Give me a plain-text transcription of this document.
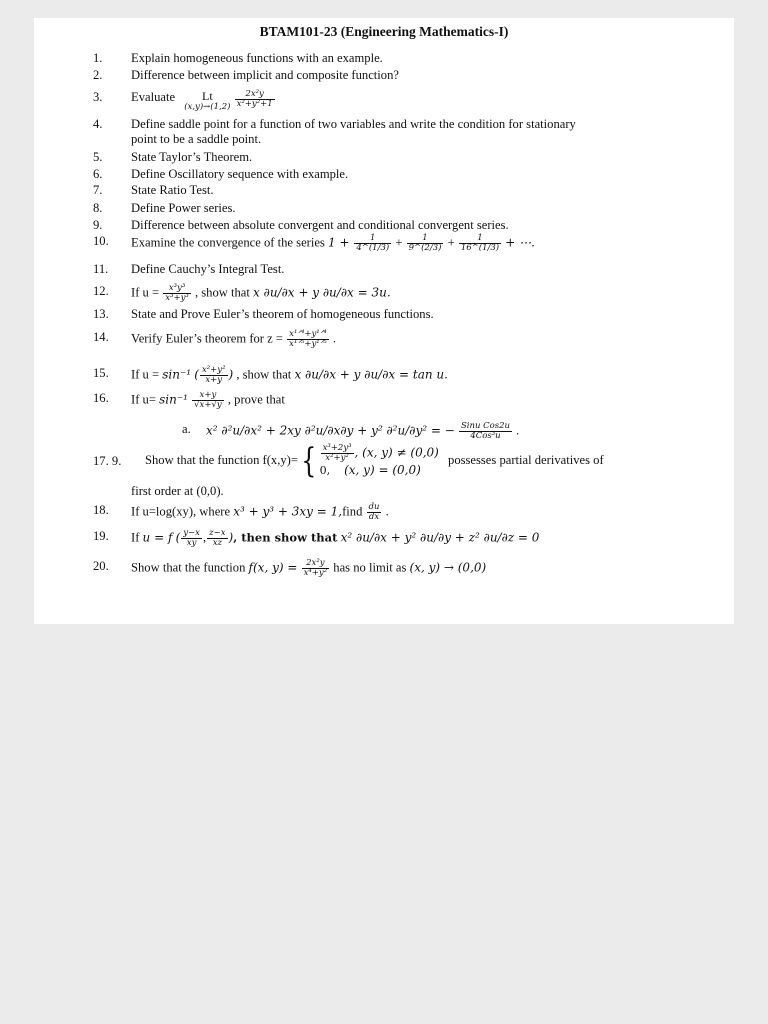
BTAM101-23 (Engineering Mathematics-I)
1.	Explain homogeneous functions with an example.
2.	Difference between implicit and composite function?
3.	Evaluate Lt
(x,y)→(1,2)
$\frac{\text{2x²y}}{\text{x²+y²+1}}$
4.	Define saddle point for a function of two variables and write the condition for stationary
point to be a saddle point.
5.	State Taylor’s Theorem.
6.	Define Oscillatory sequence with example.
7.	State Ratio Test.
8.	Define Power series.
9.	Difference between absolute convergent and conditional convergent series.
10.	Examine the convergence of the series $1 + \frac{1}{4\^{}(1/3)} + \frac{1}{9\^{}(2/3)} + \frac{1}{16\^{}(1/3)}$ + ⋯.
11.	Define Cauchy’s Integral Test.
12.	If $u = \frac{\text{x³y³}}{\text{x³+y³}}$ , show that x ∂u/∂x + y ∂u/∂x = 3u.
13.	State and Prove Euler’s theorem of homogeneous functions.
14.	Verify Euler’s theorem for $z = \frac{\text{x¹ᐟ⁴+y¹ᐟ⁴}}{\text{x¹ᐟ⁵+y¹ᐟ⁵}}$ .
15.	If u = sin⁻¹ ( $\frac{\text{x²+y²}}{x+y}$ ) , show that x ∂u/∂x + y ∂u/∂x = tan u.
16.	If $u= \sin^{-1} \frac{x+y}{√x+√y}$ , prove that
a.	x² ∂²u/∂x² + 2xy ∂²u/∂x∂y + y² ∂²u/∂y² = − $\frac{\text{Sinu Cos2u}}{\text{4Cos³u}}$ .
17. 9.	Show that the function $f(x,y)=\{ \frac{\text{x³+2y³}}{\text{x²+y²}}$ , (x, y) ≠ (0,0)
0, (x, y) = (0,0)
possesses partial derivatives of
first order at (0,0).
18.	If u=log(xy), where x³ + y³ + 3xy = 1,find $\frac{du}{dx}$ .
19.	If u = f ( $\frac{y-x}{xy}$ , $\frac{z-x}{xz}$ ), then show that x² ∂u/∂x + y² ∂u/∂y + z² ∂u/∂z = 0
20.	Show that the function f(x, $y) = \frac{\text{2x²y}}{\text{x⁴+y²}}$ has no limit as (x, y) → (0,0)
